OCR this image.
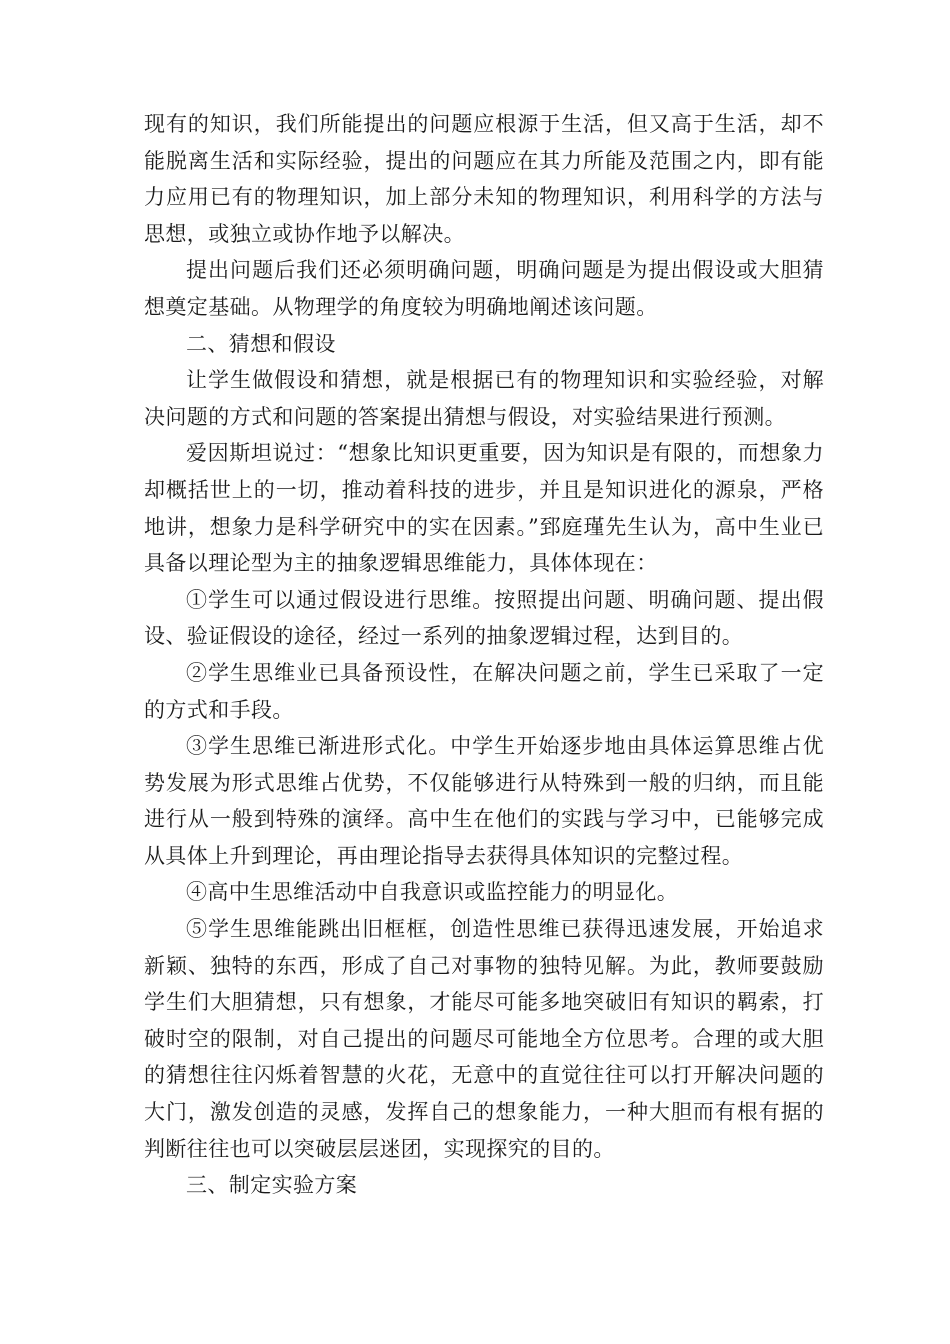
现有的知识，我们所能提出的问题应根源于生活，但又高于生活，却不能脱离生活和实际经验，提出的问题应在其力所能及范围之内，即有能力应用已有的物理知识，加上部分未知的物理知识，利用科学的方法与思想，或独立或协作地予以解决。

提出问题后我们还必须明确问题，明确问题是为提出假设或大胆猜想奠定基础。从物理学的角度较为明确地阐述该问题。

二、猜想和假设

让学生做假设和猜想，就是根据已有的物理知识和实验经验，对解决问题的方式和问题的答案提出猜想与假设，对实验结果进行预测。

爱因斯坦说过：“想象比知识更重要，因为知识是有限的，而想象力却概括世上的一切，推动着科技的进步，并且是知识进化的源泉，严格地讲，想象力是科学研究中的实在因素。”郅庭瑾先生认为，高中生业已具备以理论型为主的抽象逻辑思维能力，具体体现在：

①学生可以通过假设进行思维。按照提出问题、明确问题、提出假设、验证假设的途径，经过一系列的抽象逻辑过程，达到目的。

②学生思维业已具备预设性，在解决问题之前，学生已采取了一定的方式和手段。

③学生思维已渐进形式化。中学生开始逐步地由具体运算思维占优势发展为形式思维占优势，不仅能够进行从特殊到一般的归纳，而且能进行从一般到特殊的演绎。高中生在他们的实践与学习中，已能够完成从具体上升到理论，再由理论指导去获得具体知识的完整过程。

④高中生思维活动中自我意识或监控能力的明显化。

⑤学生思维能跳出旧框框，创造性思维已获得迅速发展，开始追求新颖、独特的东西，形成了自己对事物的独特见解。为此，教师要鼓励学生们大胆猜想，只有想象，才能尽可能多地突破旧有知识的羁索，打破时空的限制，对自己提出的问题尽可能地全方位思考。合理的或大胆的猜想往往闪烁着智慧的火花，无意中的直觉往往可以打开解决问题的大门，激发创造的灵感，发挥自己的想象能力，一种大胆而有根有据的判断往往也可以突破层层迷团，实现探究的目的。

三、制定实验方案
